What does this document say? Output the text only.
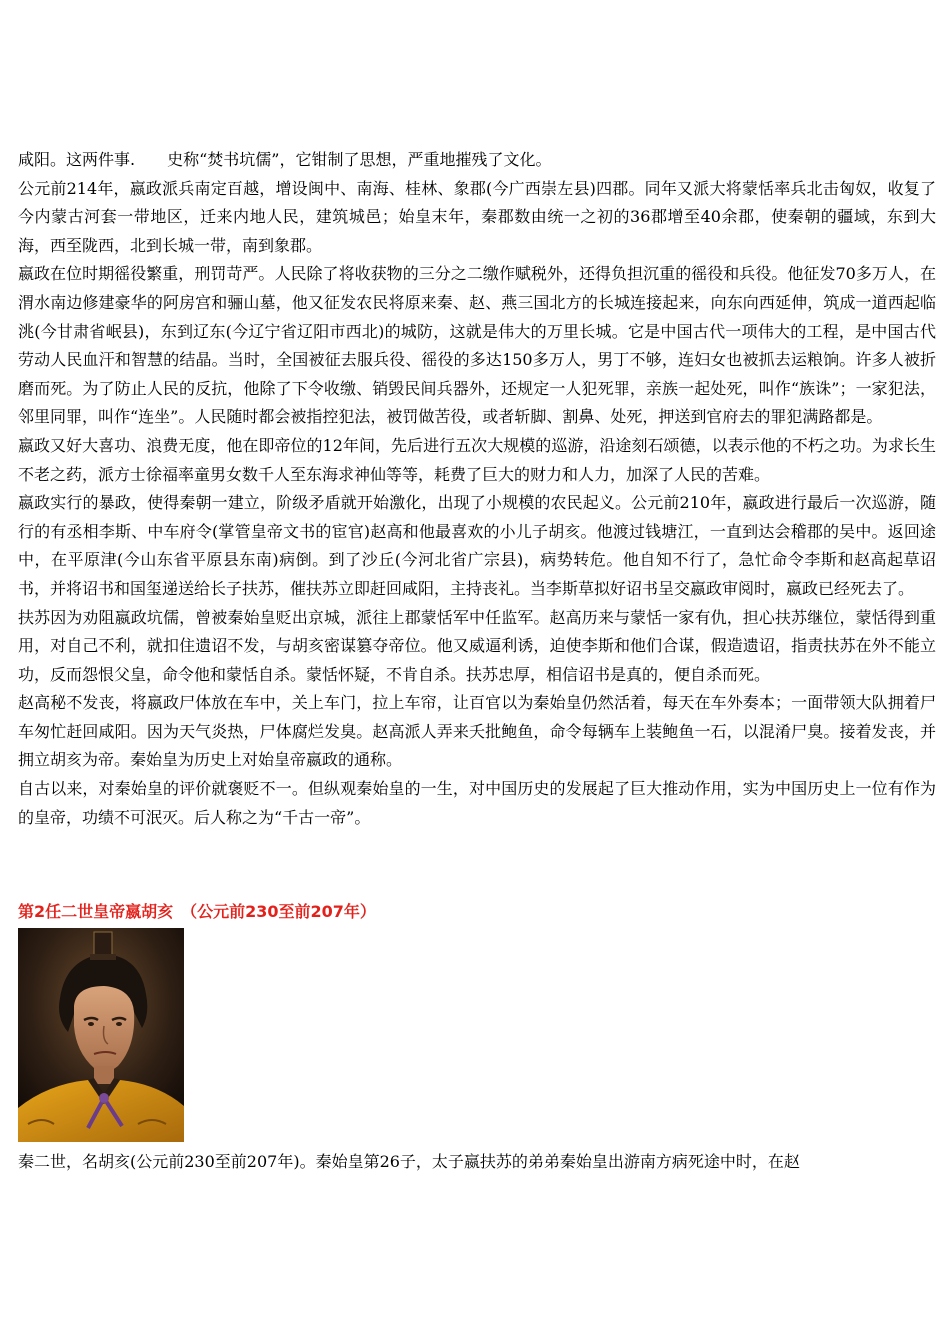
咸阳。这两件事.　　史称“焚书坑儒”，它钳制了思想，严重地摧残了文化。

公元前214年，嬴政派兵南定百越，增设闽中、南海、桂林、象郡(今广西崇左县)四郡。同年又派大将蒙恬率兵北击匈奴，收复了今内蒙古河套一带地区，迁来内地人民，建筑城邑；始皇末年，秦郡数由统一之初的36郡增至40余郡，使秦朝的疆域，东到大海，西至陇西，北到长城一带，南到象郡。

嬴政在位时期徭役繁重，刑罚苛严。人民除了将收获物的三分之二缴作赋税外，还得负担沉重的徭役和兵役。他征发70多万人，在渭水南边修建豪华的阿房宫和骊山墓，他又征发农民将原来秦、赵、燕三国北方的长城连接起来，向东向西延伸，筑成一道西起临洮(今甘肃省岷县)，东到辽东(今辽宁省辽阳市西北)的城防，这就是伟大的万里长城。它是中国古代一项伟大的工程，是中国古代劳动人民血汗和智慧的结晶。当时，全国被征去服兵役、徭役的多达150多万人，男丁不够，连妇女也被抓去运粮饷。许多人被折磨而死。为了防止人民的反抗，他除了下令收缴、销毁民间兵器外，还规定一人犯死罪，亲族一起处死，叫作“族诛”；一家犯法，邻里同罪，叫作“连坐”。人民随时都会被指控犯法，被罚做苦役，或者斩脚、割鼻、处死，押送到官府去的罪犯满路都是。

嬴政又好大喜功、浪费无度，他在即帝位的12年间，先后进行五次大规模的巡游，沿途刻石颂德，以表示他的不朽之功。为求长生不老之药，派方士徐福率童男女数千人至东海求神仙等等，耗费了巨大的财力和人力，加深了人民的苦难。

嬴政实行的暴政，使得秦朝一建立，阶级矛盾就开始激化，出现了小规模的农民起义。公元前210年，嬴政进行最后一次巡游，随行的有丞相李斯、中车府令(掌管皇帝文书的宦官)赵高和他最喜欢的小儿子胡亥。他渡过钱塘江，一直到达会稽郡的吴中。返回途中，在平原津(今山东省平原县东南)病倒。到了沙丘(今河北省广宗县)，病势转危。他自知不行了，急忙命令李斯和赵高起草诏书，并将诏书和国玺递送给长子扶苏，催扶苏立即赶回咸阳，主持丧礼。当李斯草拟好诏书呈交嬴政审阅时，嬴政已经死去了。

扶苏因为劝阻嬴政坑儒，曾被秦始皇贬出京城，派往上郡蒙恬军中任监军。赵高历来与蒙恬一家有仇，担心扶苏继位，蒙恬得到重用，对自己不利，就扣住遗诏不发，与胡亥密谋篡夺帝位。他又威逼利诱，迫使李斯和他们合谋，假造遗诏，指责扶苏在外不能立功，反而怨恨父皇，命令他和蒙恬自杀。蒙恬怀疑，不肯自杀。扶苏忠厚，相信诏书是真的，便自杀而死。

赵高秘不发丧，将嬴政尸体放在车中，关上车门，拉上车帘，让百官以为秦始皇仍然活着，每天在车外奏本；一面带领大队拥着尸车匆忙赶回咸阳。因为天气炎热，尸体腐烂发臭。赵高派人弄来夭批鲍鱼，命令每辆车上装鲍鱼一石，以混淆尸臭。接着发丧，并拥立胡亥为帝。秦始皇为历史上对始皇帝嬴政的通称。

自古以来，对秦始皇的评价就褒贬不一。但纵观秦始皇的一生，对中国历史的发展起了巨大推动作用，实为中国历史上一位有作为的皇帝，功绩不可泯灭。后人称之为“千古一帝”。

第2任二世皇帝嬴胡亥　（公元前230至前207年）

秦二世，名胡亥(公元前230至前207年)。秦始皇第26子，太子嬴扶苏的弟弟秦始皇出游南方病死途中时，在赵
